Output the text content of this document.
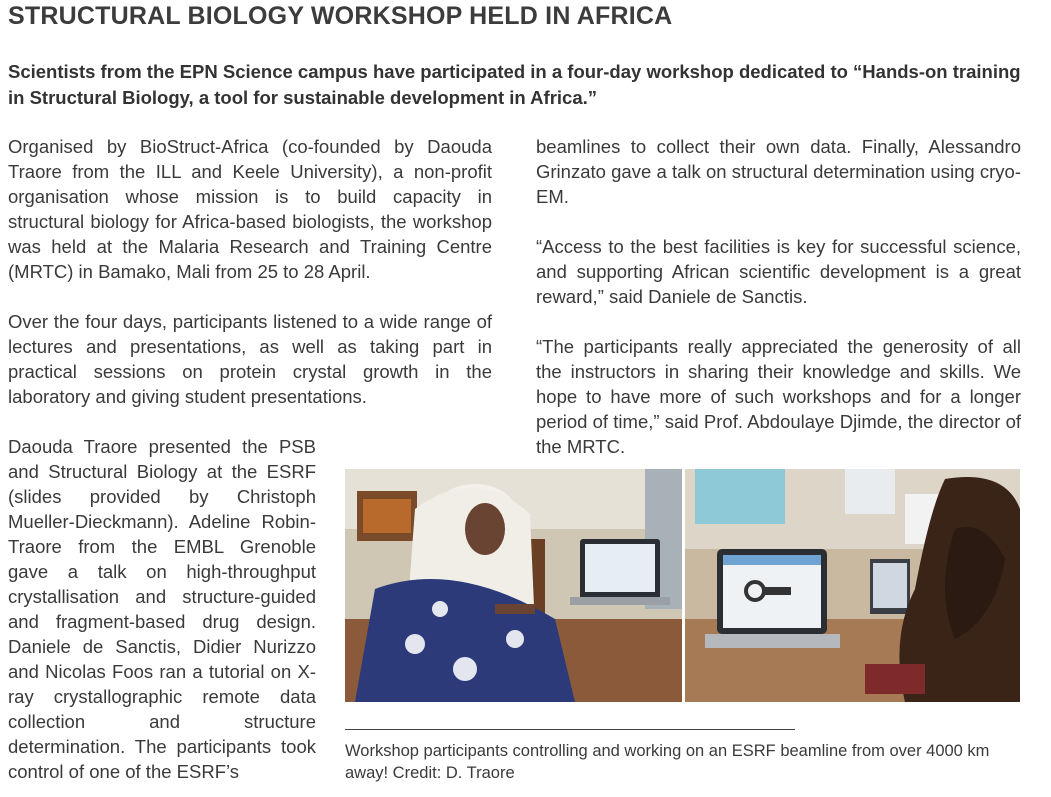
STRUCTURAL BIOLOGY WORKSHOP HELD IN AFRICA
Scientists from the EPN Science campus have participated in a four-day workshop dedicated to “Hands-on training in Structural Biology, a tool for sustainable development in Africa.”

Organised by BioStruct-Africa (co-founded by Daouda Traore from the ILL and Keele University), a non-profit organisation whose mission is to build capacity in structural biology for Africa-based biologists, the workshop was held at the Malaria Research and Training Centre (MRTC) in Bamako, Mali from 25 to 28 April.

Over the four days, participants listened to a wide range of lectures and presentations, as well as taking part in practical sessions on protein crystal growth in the laboratory and giving student presentations.

Daouda Traore presented the PSB and Structural Biology at the ESRF (slides provided by Christoph Mueller-Dieckmann). Adeline Robin-Traore from the EMBL Grenoble gave a talk on high-throughput crystallisation and structure-guided and fragment-based drug design. Daniele de Sanctis, Didier Nurizzo and Nicolas Foos ran a tutorial on X-ray crystallographic remote data collection and structure determination. The participants took control of one of the ESRF’s

beamlines to collect their own data. Finally, Alessandro Grinzato gave a talk on structural determination using cryo-EM.

“Access to the best facilities is key for successful science, and supporting African scientific development is a great reward,” said Daniele de Sanctis.

“The participants really appreciated the generosity of all the instructors in sharing their knowledge and skills. We hope to have more of such workshops and for a longer period of time,” said Prof. Abdoulaye Djimde, the director of the MRTC.

Workshop participants controlling and working on an ESRF beamline from over 4000 km away! Credit: D. Traore
